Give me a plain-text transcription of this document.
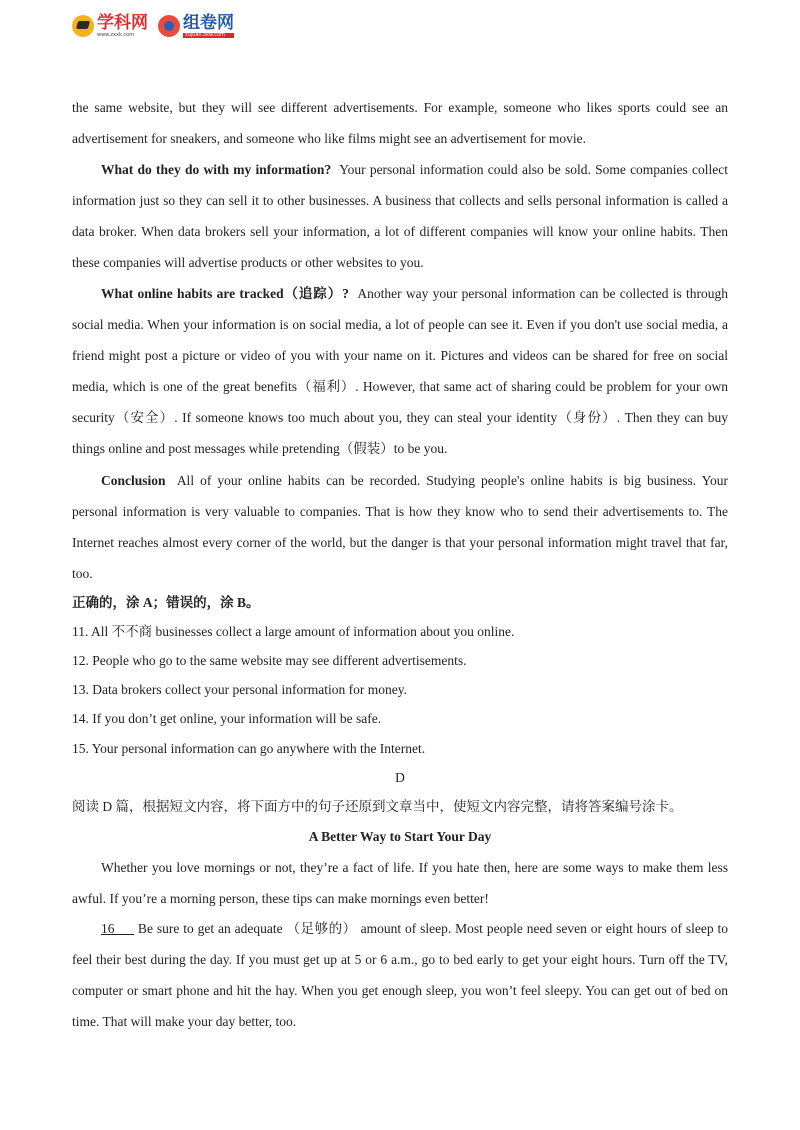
学科网
www.zxxk.com
组卷网
zujuan.xkw.com

the same website, but they will see different advertisements. For example, someone who likes sports could see an advertisement for sneakers, and someone who like films might see an advertisement for movie.

What do they do with my information? Your personal information could also be sold. Some companies collect information just so they can sell it to other businesses. A business that collects and sells personal information is called a data broker. When data brokers sell your information, a lot of different companies will know your online habits. Then these companies will advertise products or other websites to you.

What online habits are tracked（追踪）? Another way your personal information can be collected is through social media. When your information is on social media, a lot of people can see it. Even if you don't use social media, a friend might post a picture or video of you with your name on it. Pictures and videos can be shared for free on social media, which is one of the great benefits（福利）. However, that same act of sharing could be problem for your own security（安全）. If someone knows too much about you, they can steal your identity（身份）. Then they can buy things online and post messages while pretending（假装）to be you.

Conclusion All of your online habits can be recorded. Studying people's online habits is big business. Your personal information is very valuable to companies. That is how they know who to send their advertisements to. The Internet reaches almost every corner of the world, but the danger is that your personal information might travel that far, too.

正确的，涂 A；错误的，涂 B。

11. All 不不商 businesses collect a large amount of information about you online.

12. People who go to the same website may see different advertisements.

13. Data brokers collect your personal information for money.

14. If you don’t get online, your information will be safe.

15. Your personal information can go anywhere with the Internet.

D

阅读 D 篇，根据短文内容，将下面方中的句子还原到文章当中，使短文内容完整，请将答案编号涂卡。

A Better Way to Start Your Day

Whether you love mornings or not, they’re a fact of life. If you hate then, here are some ways to make them less awful. If you’re a morning person, these tips can make mornings even better!

16      Be sure to get an adequate （足够的） amount of sleep. Most people need seven or eight hours of sleep to feel their best during the day. If you must get up at 5 or 6 a.m., go to bed early to get your eight hours. Turn off the TV, computer or smart phone and hit the hay. When you get enough sleep, you won’t feel sleepy. You can get out of bed on time. That will make your day better, too.
